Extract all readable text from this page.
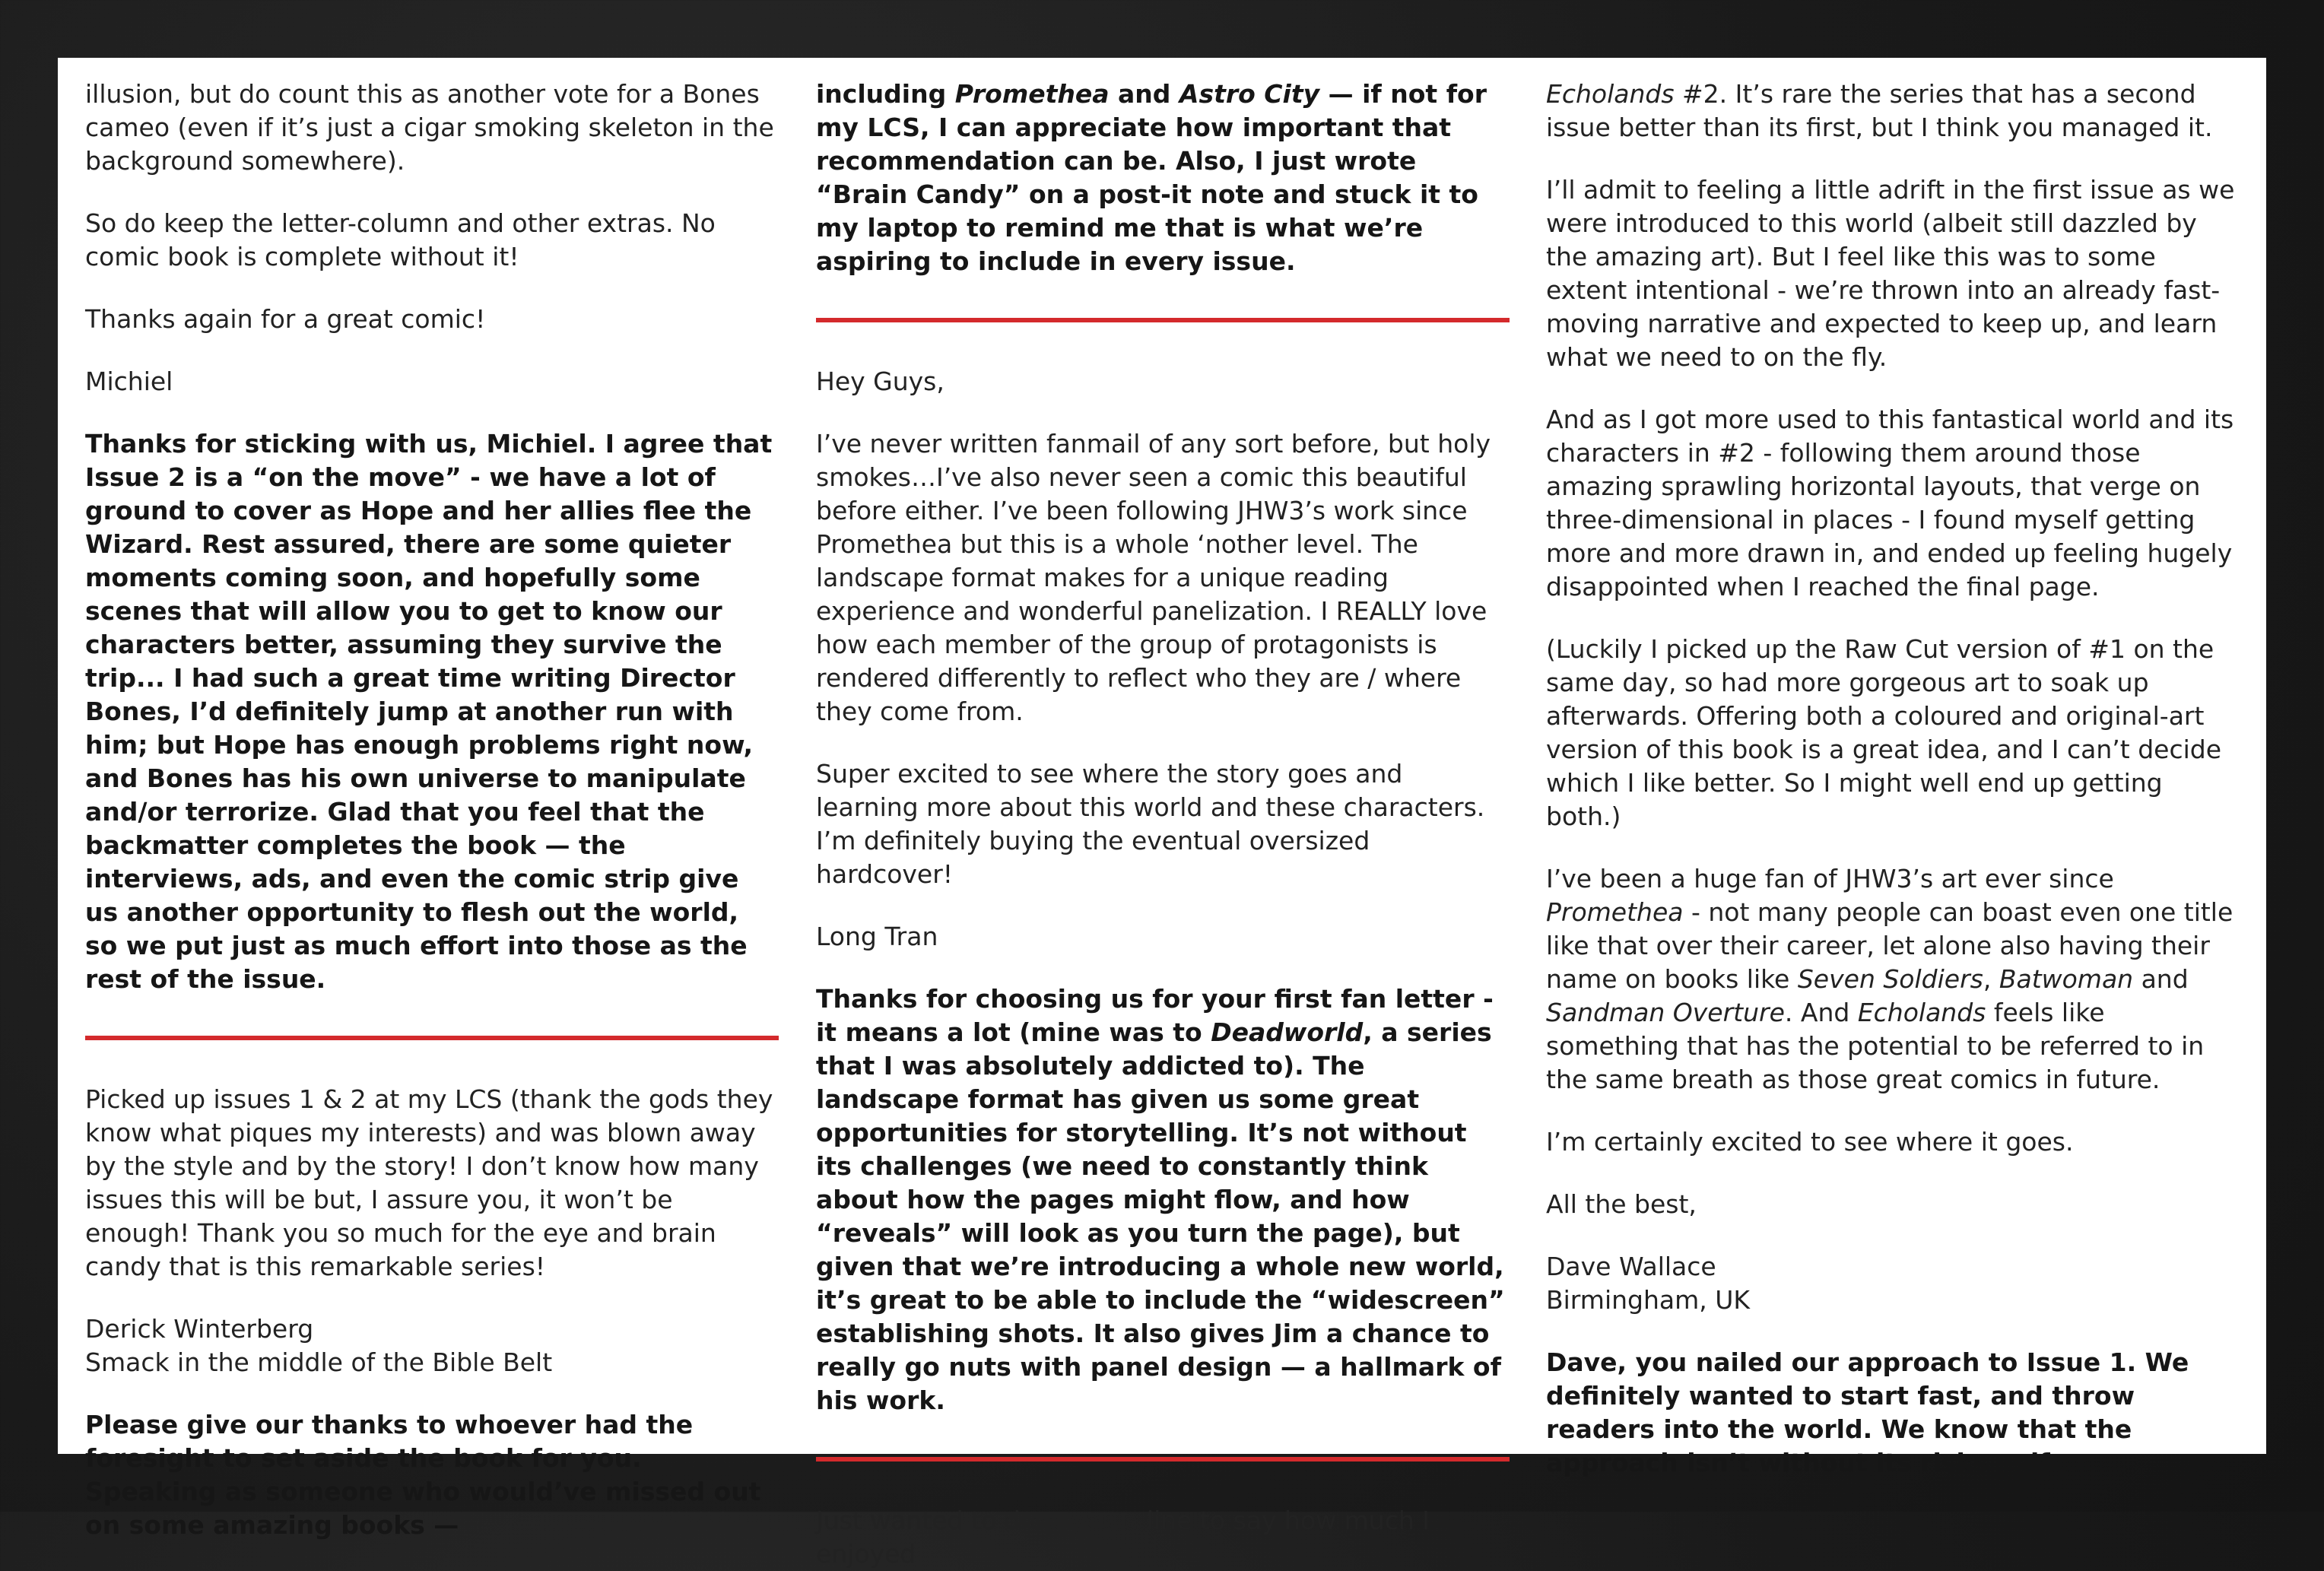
illusion, but do count this as another vote for a Bones cameo (even if it’s just a cigar smoking skeleton in the background somewhere).

So do keep the letter-column and other extras. No comic book is complete without it!

Thanks again for a great comic!

Michiel

Thanks for sticking with us, Michiel. I agree that Issue 2 is a “on the move” - we have a lot of ground to cover as Hope and her allies flee the Wizard. Rest assured, there are some quieter moments coming soon, and hopefully some scenes that will allow you to get to know our characters better, assuming they survive the trip... I had such a great time writing Director Bones, I’d definitely jump at another run with him; but Hope has enough problems right now, and Bones has his own universe to manipulate and/or terrorize. Glad that you feel that the backmatter completes the book — the interviews, ads, and even the comic strip give us another opportunity to flesh out the world, so we put just as much effort into those as the rest of the issue.

Picked up issues 1 & 2 at my LCS (thank the gods they know what piques my interests) and was blown away by the style and by the story! I don’t know how many issues this will be but, I assure you, it won’t be enough! Thank you so much for the eye and brain candy that is this remarkable series!

Derick Winterberg

Smack in the middle of the Bible Belt

Please give our thanks to whoever had the foresight to set aside the book for you. Speaking as someone who would’ve missed out on some amazing books —

including Promethea and Astro City — if not for my LCS, I can appreciate how important that recommendation can be. Also, I just wrote “Brain Candy” on a post-it note and stuck it to my laptop to remind me that is what we’re aspiring to include in every issue.

Hey Guys,

I’ve never written fanmail of any sort before, but holy smokes…I’ve also never seen a comic this beautiful before either. I’ve been following JHW3’s work since Promethea but this is a whole ‘nother level. The landscape format makes for a unique reading experience and wonderful panelization. I REALLY love how each member of the group of protagonists is rendered differently to reflect who they are / where they come from.

Super excited to see where the story goes and learning more about this world and these characters. I’m definitely buying the eventual oversized hardcover!

Long Tran

Thanks for choosing us for your first fan letter - it means a lot (mine was to Deadworld, a series that I was absolutely addicted to). The landscape format has given us some great opportunities for storytelling. It’s not without its challenges (we need to constantly think about how the pages might flow, and how “reveals” will look as you turn the page), but given that we’re introducing a whole new world, it’s great to be able to include the “widescreen” establishing shots. It also gives Jim a chance to really go nuts with panel design — a hallmark of his work.

Just wanted to drop you a line to say how much I enjoyed

Echolands #2. It’s rare the series that has a second issue better than its first, but I think you managed it.

I’ll admit to feeling a little adrift in the first issue as we were introduced to this world (albeit still dazzled by the amazing art). But I feel like this was to some extent intentional - we’re thrown into an already fast-moving narrative and expected to keep up, and learn what we need to on the fly.

And as I got more used to this fantastical world and its characters in #2 - following them around those amazing sprawling horizontal layouts, that verge on three-dimensional in places - I found myself getting more and more drawn in, and ended up feeling hugely disappointed when I reached the final page.

(Luckily I picked up the Raw Cut version of #1 on the same day, so had more gorgeous art to soak up afterwards. Offering both a coloured and original-art version of this book is a great idea, and I can’t decide which I like better. So I might well end up getting both.)

I’ve been a huge fan of JHW3’s art ever since Promethea - not many people can boast even one title like that over their career, let alone also having their name on books like Seven Soldiers, Batwoman and Sandman Overture. And Echolands feels like something that has the potential to be referred to in the same breath as those great comics in future.

I’m certainly excited to see where it goes.

All the best,

Dave Wallace

Birmingham, UK

Dave, you nailed our approach to Issue 1. We definitely wanted to start fast, and throw readers into the world. We know that the approach isn’t without its risks — if
